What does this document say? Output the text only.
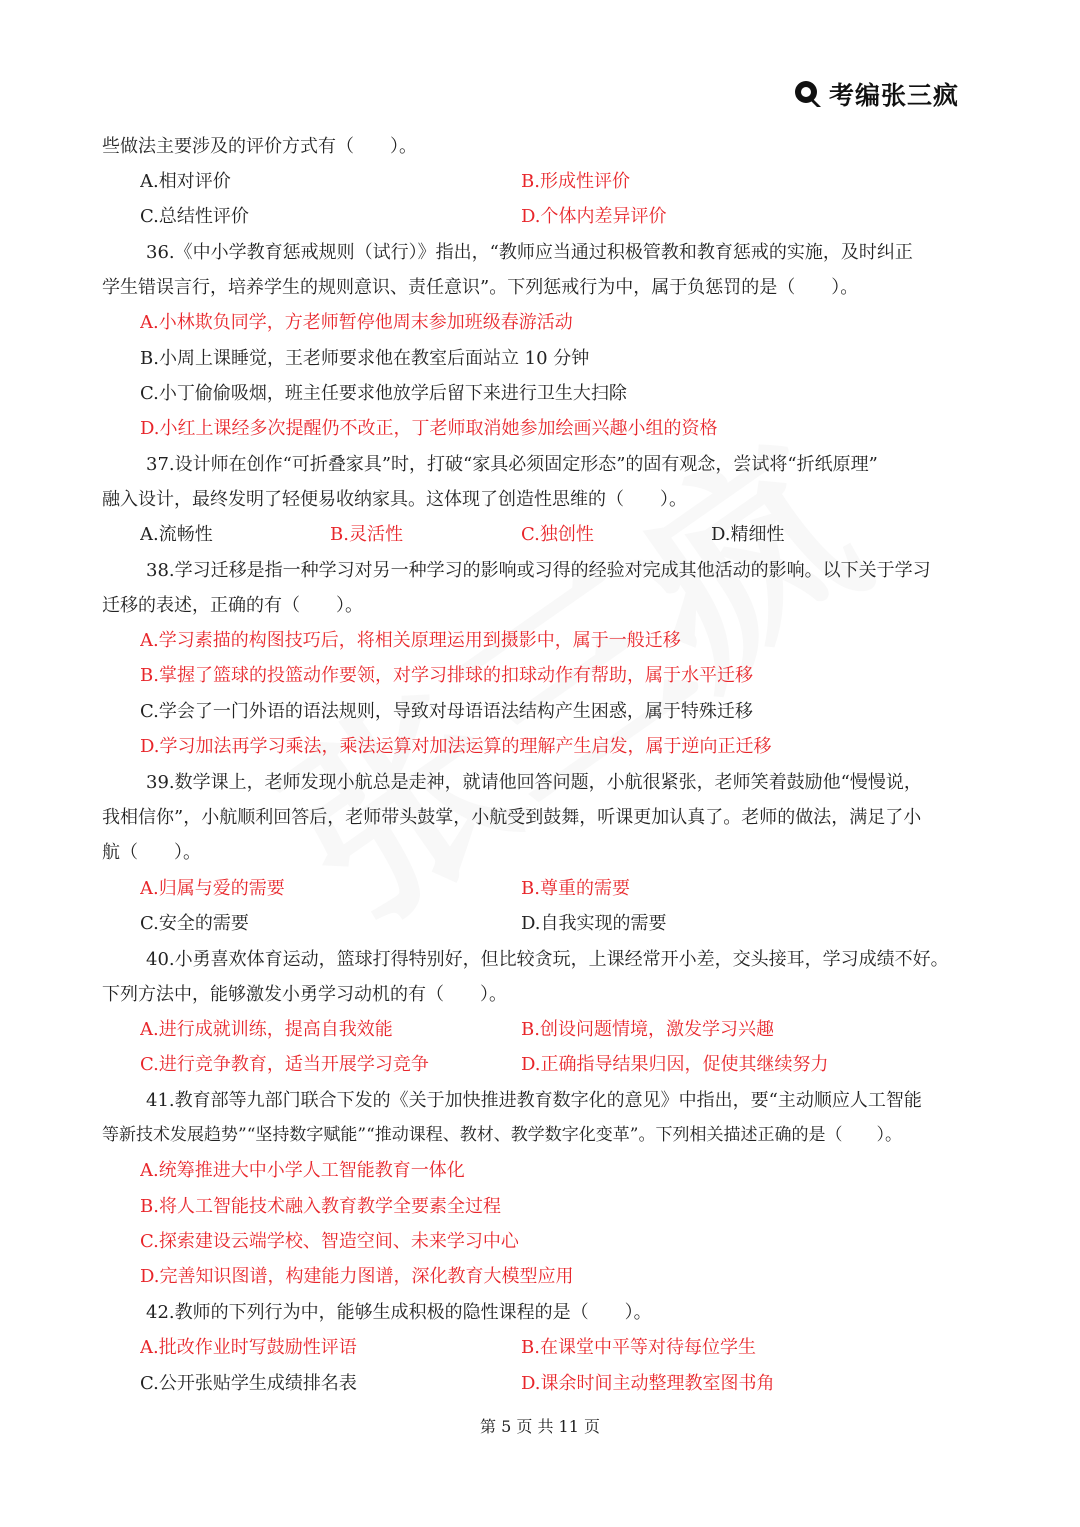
考编张三疯
些做法主要涉及的评价方式有（　　）。
A.相对评价	B.形成性评价
C.总结性评价	D.个体内差异评价
36.《中小学教育惩戒规则（试行）》指出，“教师应当通过积极管教和教育惩戒的实施，及时纠正
学生错误言行，培养学生的规则意识、责任意识”。下列惩戒行为中，属于负惩罚的是（　　）。
A.小林欺负同学，方老师暂停他周末参加班级春游活动
B.小周上课睡觉，王老师要求他在教室后面站立 10 分钟
C.小丁偷偷吸烟，班主任要求他放学后留下来进行卫生大扫除
D.小红上课经多次提醒仍不改正，丁老师取消她参加绘画兴趣小组的资格
37.设计师在创作“可折叠家具”时，打破“家具必须固定形态”的固有观念，尝试将“折纸原理”
融入设计，最终发明了轻便易收纳家具。这体现了创造性思维的（　　）。
A.流畅性	B.灵活性	C.独创性	D.精细性
38.学习迁移是指一种学习对另一种学习的影响或习得的经验对完成其他活动的影响。以下关于学习
迁移的表述，正确的有（　　）。
A.学习素描的构图技巧后，将相关原理运用到摄影中，属于一般迁移
B.掌握了篮球的投篮动作要领，对学习排球的扣球动作有帮助，属于水平迁移
C.学会了一门外语的语法规则，导致对母语语法结构产生困惑，属于特殊迁移
D.学习加法再学习乘法，乘法运算对加法运算的理解产生启发，属于逆向正迁移
39.数学课上，老师发现小航总是走神，就请他回答问题，小航很紧张，老师笑着鼓励他“慢慢说，
我相信你”，小航顺利回答后，老师带头鼓掌，小航受到鼓舞，听课更加认真了。老师的做法，满足了小
航（　　）。
A.归属与爱的需要	B.尊重的需要
C.安全的需要	D.自我实现的需要
40.小勇喜欢体育运动，篮球打得特别好，但比较贪玩，上课经常开小差，交头接耳，学习成绩不好。
下列方法中，能够激发小勇学习动机的有（　　）。
A.进行成就训练，提高自我效能	B.创设问题情境，激发学习兴趣
C.进行竞争教育，适当开展学习竞争	D.正确指导结果归因，促使其继续努力
41.教育部等九部门联合下发的《关于加快推进教育数字化的意见》中指出，要“主动顺应人工智能
等新技术发展趋势”“坚持数字赋能”“推动课程、教材、教学数字化变革”。下列相关描述正确的是（　　）。
A.统筹推进大中小学人工智能教育一体化
B.将人工智能技术融入教育教学全要素全过程
C.探索建设云端学校、智造空间、未来学习中心
D.完善知识图谱，构建能力图谱，深化教育大模型应用
42.教师的下列行为中，能够生成积极的隐性课程的是（　　）。
A.批改作业时写鼓励性评语	B.在课堂中平等对待每位学生
C.公开张贴学生成绩排名表	D.课余时间主动整理教室图书角
第 5 页 共 11 页
